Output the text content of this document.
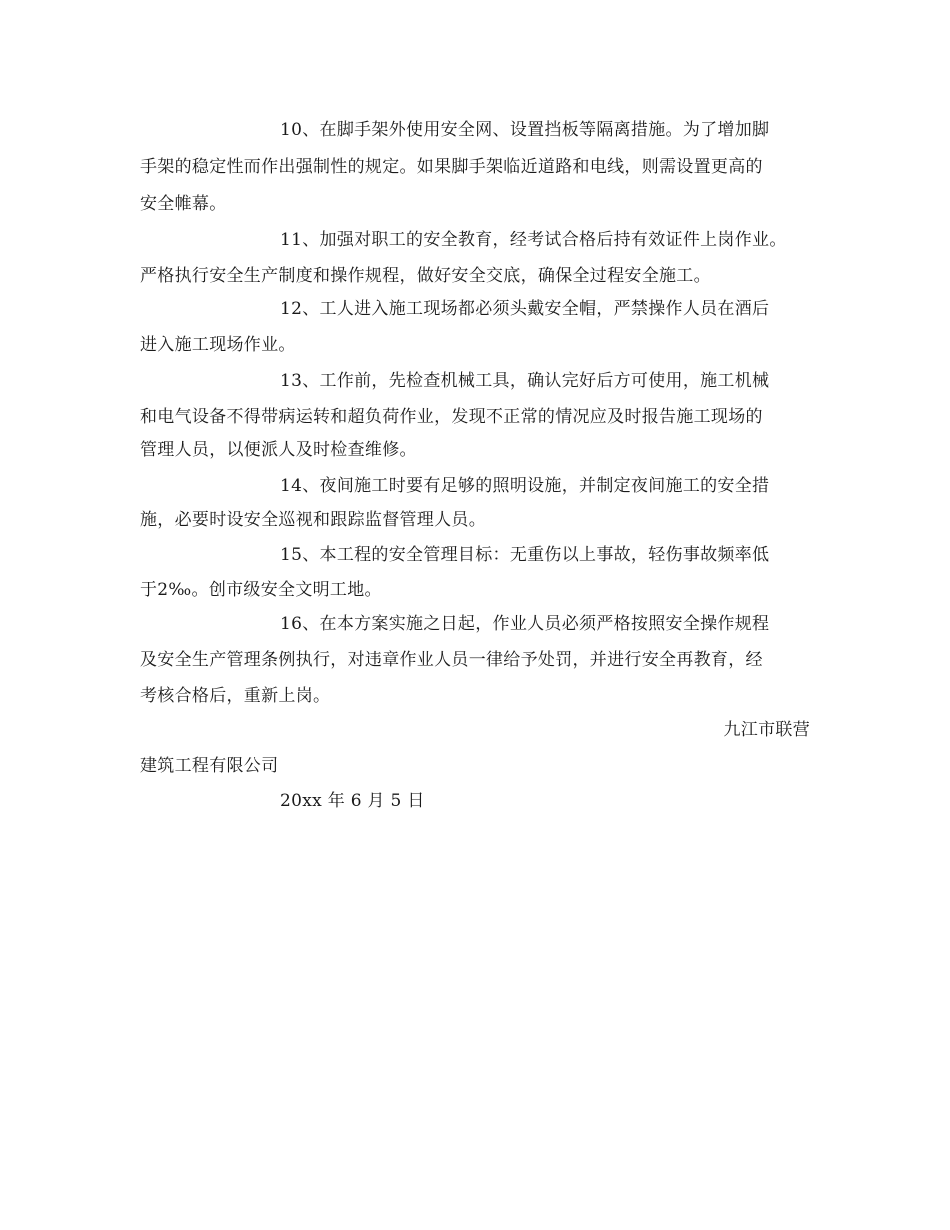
10、在脚手架外使用安全网、设置挡板等隔离措施。为了增加脚
手架的稳定性而作出强制性的规定。如果脚手架临近道路和电线，则需设置更高的
安全帷幕。
11、加强对职工的安全教育，经考试合格后持有效证件上岗作业。
严格执行安全生产制度和操作规程，做好安全交底，确保全过程安全施工。
12、工人进入施工现场都必须头戴安全帽，严禁操作人员在酒后
进入施工现场作业。
13、工作前，先检查机械工具，确认完好后方可使用，施工机械
和电气设备不得带病运转和超负荷作业，发现不正常的情况应及时报告施工现场的
管理人员，以便派人及时检查维修。
14、夜间施工时要有足够的照明设施，并制定夜间施工的安全措
施，必要时设安全巡视和跟踪监督管理人员。
15、本工程的安全管理目标：无重伤以上事故，轻伤事故频率低
于2‰。创市级安全文明工地。
16、在本方案实施之日起，作业人员必须严格按照安全操作规程
及安全生产管理条例执行，对违章作业人员一律给予处罚，并进行安全再教育，经
考核合格后，重新上岗。
九江市联营
建筑工程有限公司
20xx 年 6 月 5 日
